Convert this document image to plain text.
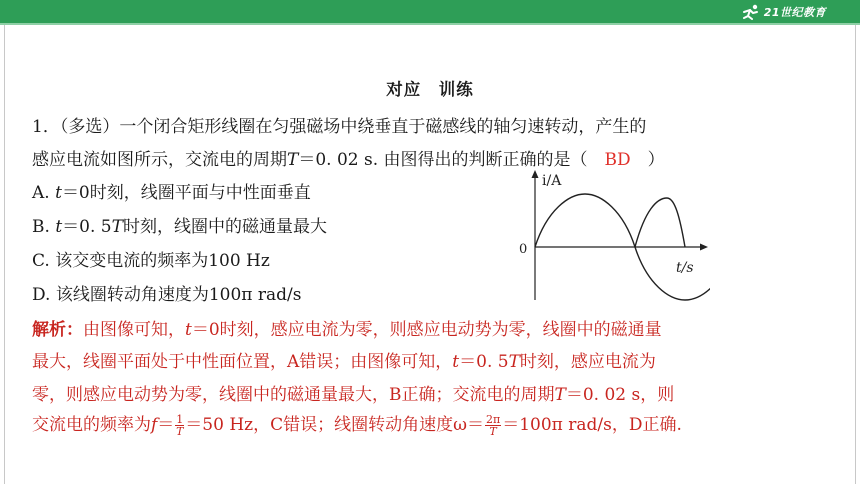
21世纪教育
对应　训练
1．（多选）一个闭合矩形线圈在匀强磁场中绕垂直于磁感线的轴匀速转动，产生的
感应电流如图所示，交流电的周期T＝0. 02 s. 由图得出的判断正确的是（　BD　）
A. t＝0时刻，线圈平面与中性面垂直
B. t＝0. 5T时刻，线圈中的磁通量最大
C. 该交变电流的频率为100 Hz
D. 该线圈转动角速度为100π rad/s
i/A
0
t/s
解析：由图像可知，t＝0时刻，感应电流为零，则感应电动势为零，线圈中的磁通量
最大，线圈平面处于中性面位置，A错误；由图像可知，t＝0. 5T时刻，感应电流为
零，则感应电动势为零，线圈中的磁通量最大，B正确；交流电的周期T＝0. 02 s，则
交流电的频率为$f= \frac{1}{T}=50$ Hz，C错误；线圈转动角速度$\omega= \frac{2\pi}{T}=100\pi$ rad/s，D正确.
